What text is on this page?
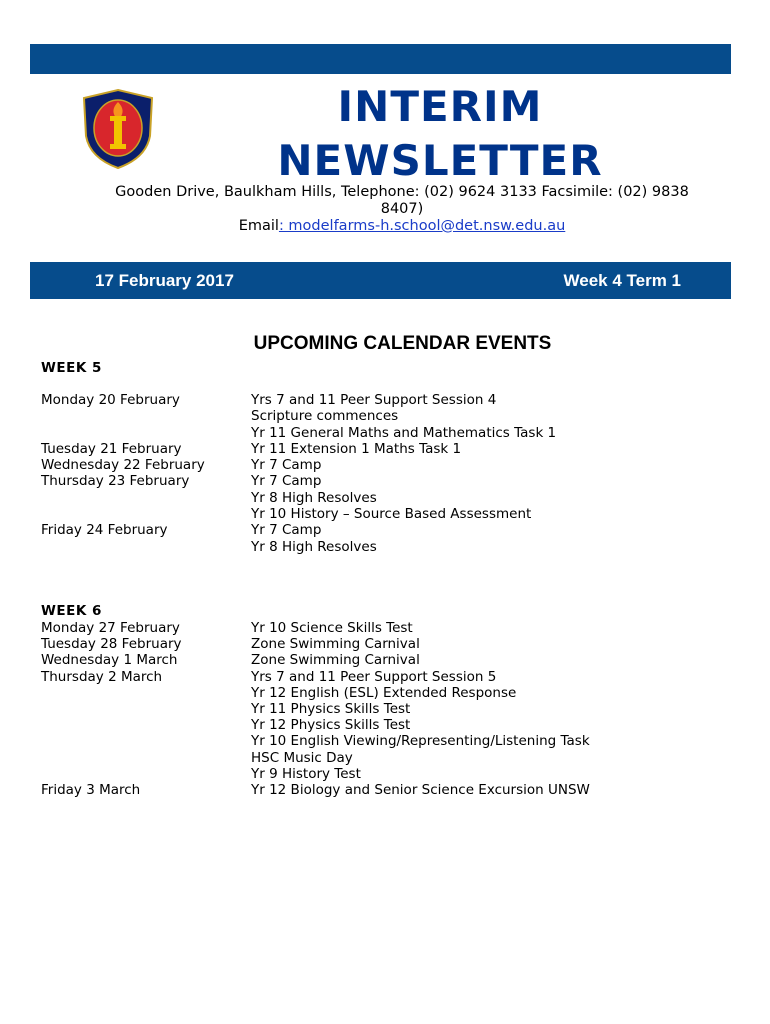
INTERIM
NEWSLETTER
Gooden Drive, Baulkham Hills, Telephone: (02) 9624 3133 Facsimile: (02) 9838
8407)
Email: modelfarms-h.school@det.nsw.edu.au
17 February 2017	Week 4 Term 1
UPCOMING CALENDAR EVENTS
WEEK 5
Monday 20 February
Tuesday 21 February
Wednesday 22 February
Thursday 23 February
Friday 24 February
Yrs 7 and 11 Peer Support Session 4
Scripture commences
Yr 11 General Maths and Mathematics Task 1
Yr 11 Extension 1 Maths Task 1
Yr 7 Camp
Yr 7 Camp
Yr 8 High Resolves
Yr 10 History – Source Based Assessment
Yr 7 Camp
Yr 8 High Resolves
WEEK 6
Monday 27 February
Tuesday 28 February
Wednesday 1 March
Thursday 2 March
Friday 3 March
Yr 10 Science Skills Test
Zone Swimming Carnival
Zone Swimming Carnival
Yrs 7 and 11 Peer Support Session 5
Yr 12 English (ESL) Extended Response
Yr 11 Physics Skills Test
Yr 12 Physics Skills Test
Yr 10 English Viewing/Representing/Listening Task
HSC Music Day
Yr 9 History Test
Yr 12 Biology and Senior Science Excursion UNSW
